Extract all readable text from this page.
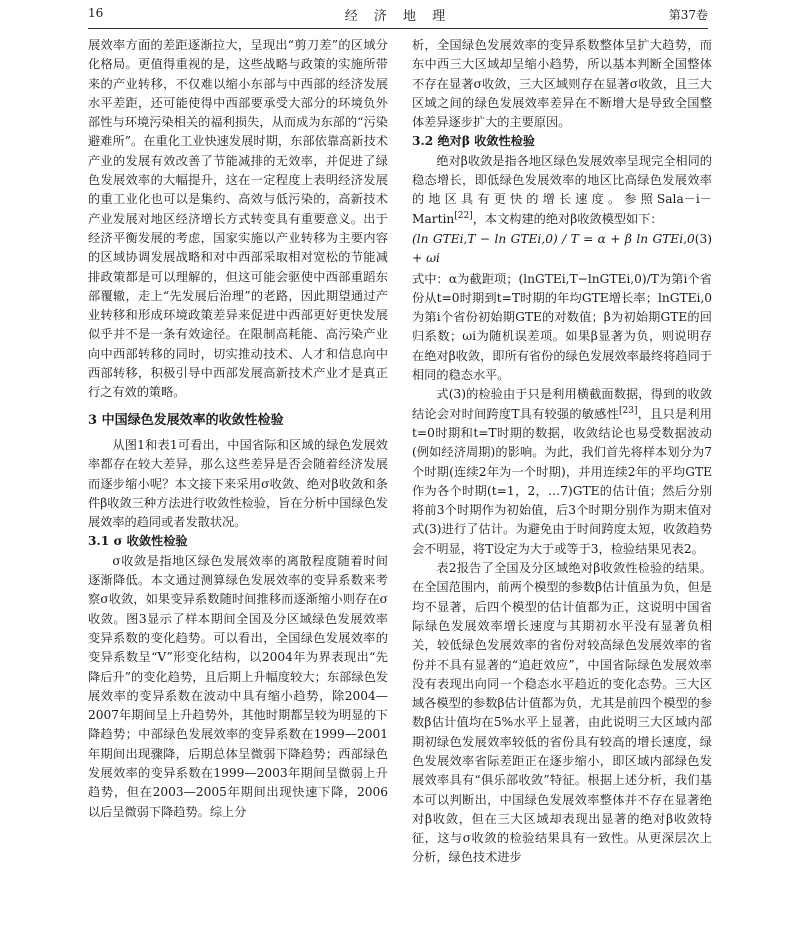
16	经 济 地 理	第37卷

展效率方面的差距逐渐拉大，呈现出“剪刀差”的区域分化格局。更值得重视的是，这些战略与政策的实施所带来的产业转移，不仅难以缩小东部与中西部的经济发展水平差距，还可能使得中西部要承受大部分的环境负外部性与环境污染相关的福利损失，从而成为东部的“污染避难所”。在重化工业快速发展时期，东部依靠高新技术产业的发展有效改善了节能减排的无效率，并促进了绿色发展效率的大幅提升，这在一定程度上表明经济发展的重工业化也可以是集约、高效与低污染的，高新技术产业发展对地区经济增长方式转变具有重要意义。出于经济平衡发展的考虑，国家实施以产业转移为主要内容的区域协调发展战略和对中西部采取相对宽松的节能减排政策都是可以理解的，但这可能会驱使中西部重蹈东部覆辙，走上“先发展后治理”的老路，因此期望通过产业转移和形成环境政策差异来促进中西部更好更快发展似乎并不是一条有效途径。在限制高耗能、高污染产业向中西部转移的同时，切实推动技术、人才和信息向中西部转移，积极引导中西部发展高新技术产业才是真正行之有效的策略。

3 中国绿色发展效率的收敛性检验

从图1和表1可看出，中国省际和区域的绿色发展效率都存在较大差异，那么这些差异是否会随着经济发展而逐步缩小呢？本文接下来采用σ收敛、绝对β收敛和条件β收敛三种方法进行收敛性检验，旨在分析中国绿色发展效率的趋同或者发散状况。

3.1 σ 收敛性检验

σ收敛是指地区绿色发展效率的离散程度随着时间逐渐降低。本文通过测算绿色发展效率的变异系数来考察σ收敛，如果变异系数随时间推移而逐渐缩小则存在σ收敛。图3显示了样本期间全国及分区域绿色发展效率变异系数的变化趋势。可以看出，全国绿色发展效率的变异系数呈“V”形变化结构，以2004年为界表现出“先降后升”的变化趋势，且后期上升幅度较大；东部绿色发展效率的变异系数在波动中具有缩小趋势，除2004—2007年期间呈上升趋势外，其他时期都呈较为明显的下降趋势；中部绿色发展效率的变异系数在1999—2001年期间出现骤降，后期总体呈微弱下降趋势；西部绿色发展效率的变异系数在1999—2003年期间呈微弱上升趋势，但在2003—2005年期间出现快速下降，2006以后呈微弱下降趋势。综上分

析，全国绿色发展效率的变异系数整体呈扩大趋势，而东中西三大区域却呈缩小趋势，所以基本判断全国整体不存在显著σ收敛，三大区域则存在显著σ收敛，且三大区域之间的绿色发展效率差异在不断增大是导致全国整体差异逐步扩大的主要原因。

3.2 绝对β 收敛性检验

绝对β收敛是指各地区绿色发展效率呈现完全相同的稳态增长，即低绿色发展效率的地区比高绿色发展效率的地区具有更快的增长速度。参照Sala－i－Martin[22]，本文构建的绝对β收敛模型如下：

(ln GTEi,T − ln GTEi,0) / T = α + β ln GTEi,0 + ωi
(3)

式中：α为截距项；(lnGTEi,T−lnGTEi,0)/T为第i个省份从t=0时期到t=T时期的年均GTE增长率；lnGTEi,0为第i个省份初始期GTE的对数值；β为初始期GTE的回归系数；ωi为随机误差项。如果β显著为负，则说明存在绝对β收敛，即所有省份的绿色发展效率最终将趋同于相同的稳态水平。

式(3)的检验由于只是利用横截面数据，得到的收敛结论会对时间跨度T具有较强的敏感性[23]，且只是利用t=0时期和t=T时期的数据，收敛结论也易受数据波动(例如经济周期)的影响。为此，我们首先将样本划分为7个时期(连续2年为一个时期)，并用连续2年的平均GTE作为各个时期(t=1，2，…7)GTE的估计值；然后分别将前3个时期作为初始值，后3个时期分别作为期末值对式(3)进行了估计。为避免由于时间跨度太短，收敛趋势会不明显，将T设定为大于或等于3，检验结果见表2。

表2报告了全国及分区域绝对β收敛性检验的结果。在全国范围内，前两个模型的参数β估计值虽为负，但是均不显著，后四个模型的估计值都为正，这说明中国省际绿色发展效率增长速度与其期初水平没有显著负相关，较低绿色发展效率的省份对较高绿色发展效率的省份并不具有显著的“追赶效应”，中国省际绿色发展效率没有表现出向同一个稳态水平趋近的变化态势。三大区域各模型的参数β估计值都为负，尤其是前四个模型的参数β估计值均在5%水平上显著，由此说明三大区域内部期初绿色发展效率较低的省份具有较高的增长速度，绿色发展效率省际差距正在逐步缩小，即区域内部绿色发展效率具有“俱乐部收敛”特征。根据上述分析，我们基本可以判断出，中国绿色发展效率整体并不存在显著绝对β收敛，但在三大区域却表现出显著的绝对β收敛特征，这与σ收敛的检验结果具有一致性。从更深层次上分析，绿色技术进步
